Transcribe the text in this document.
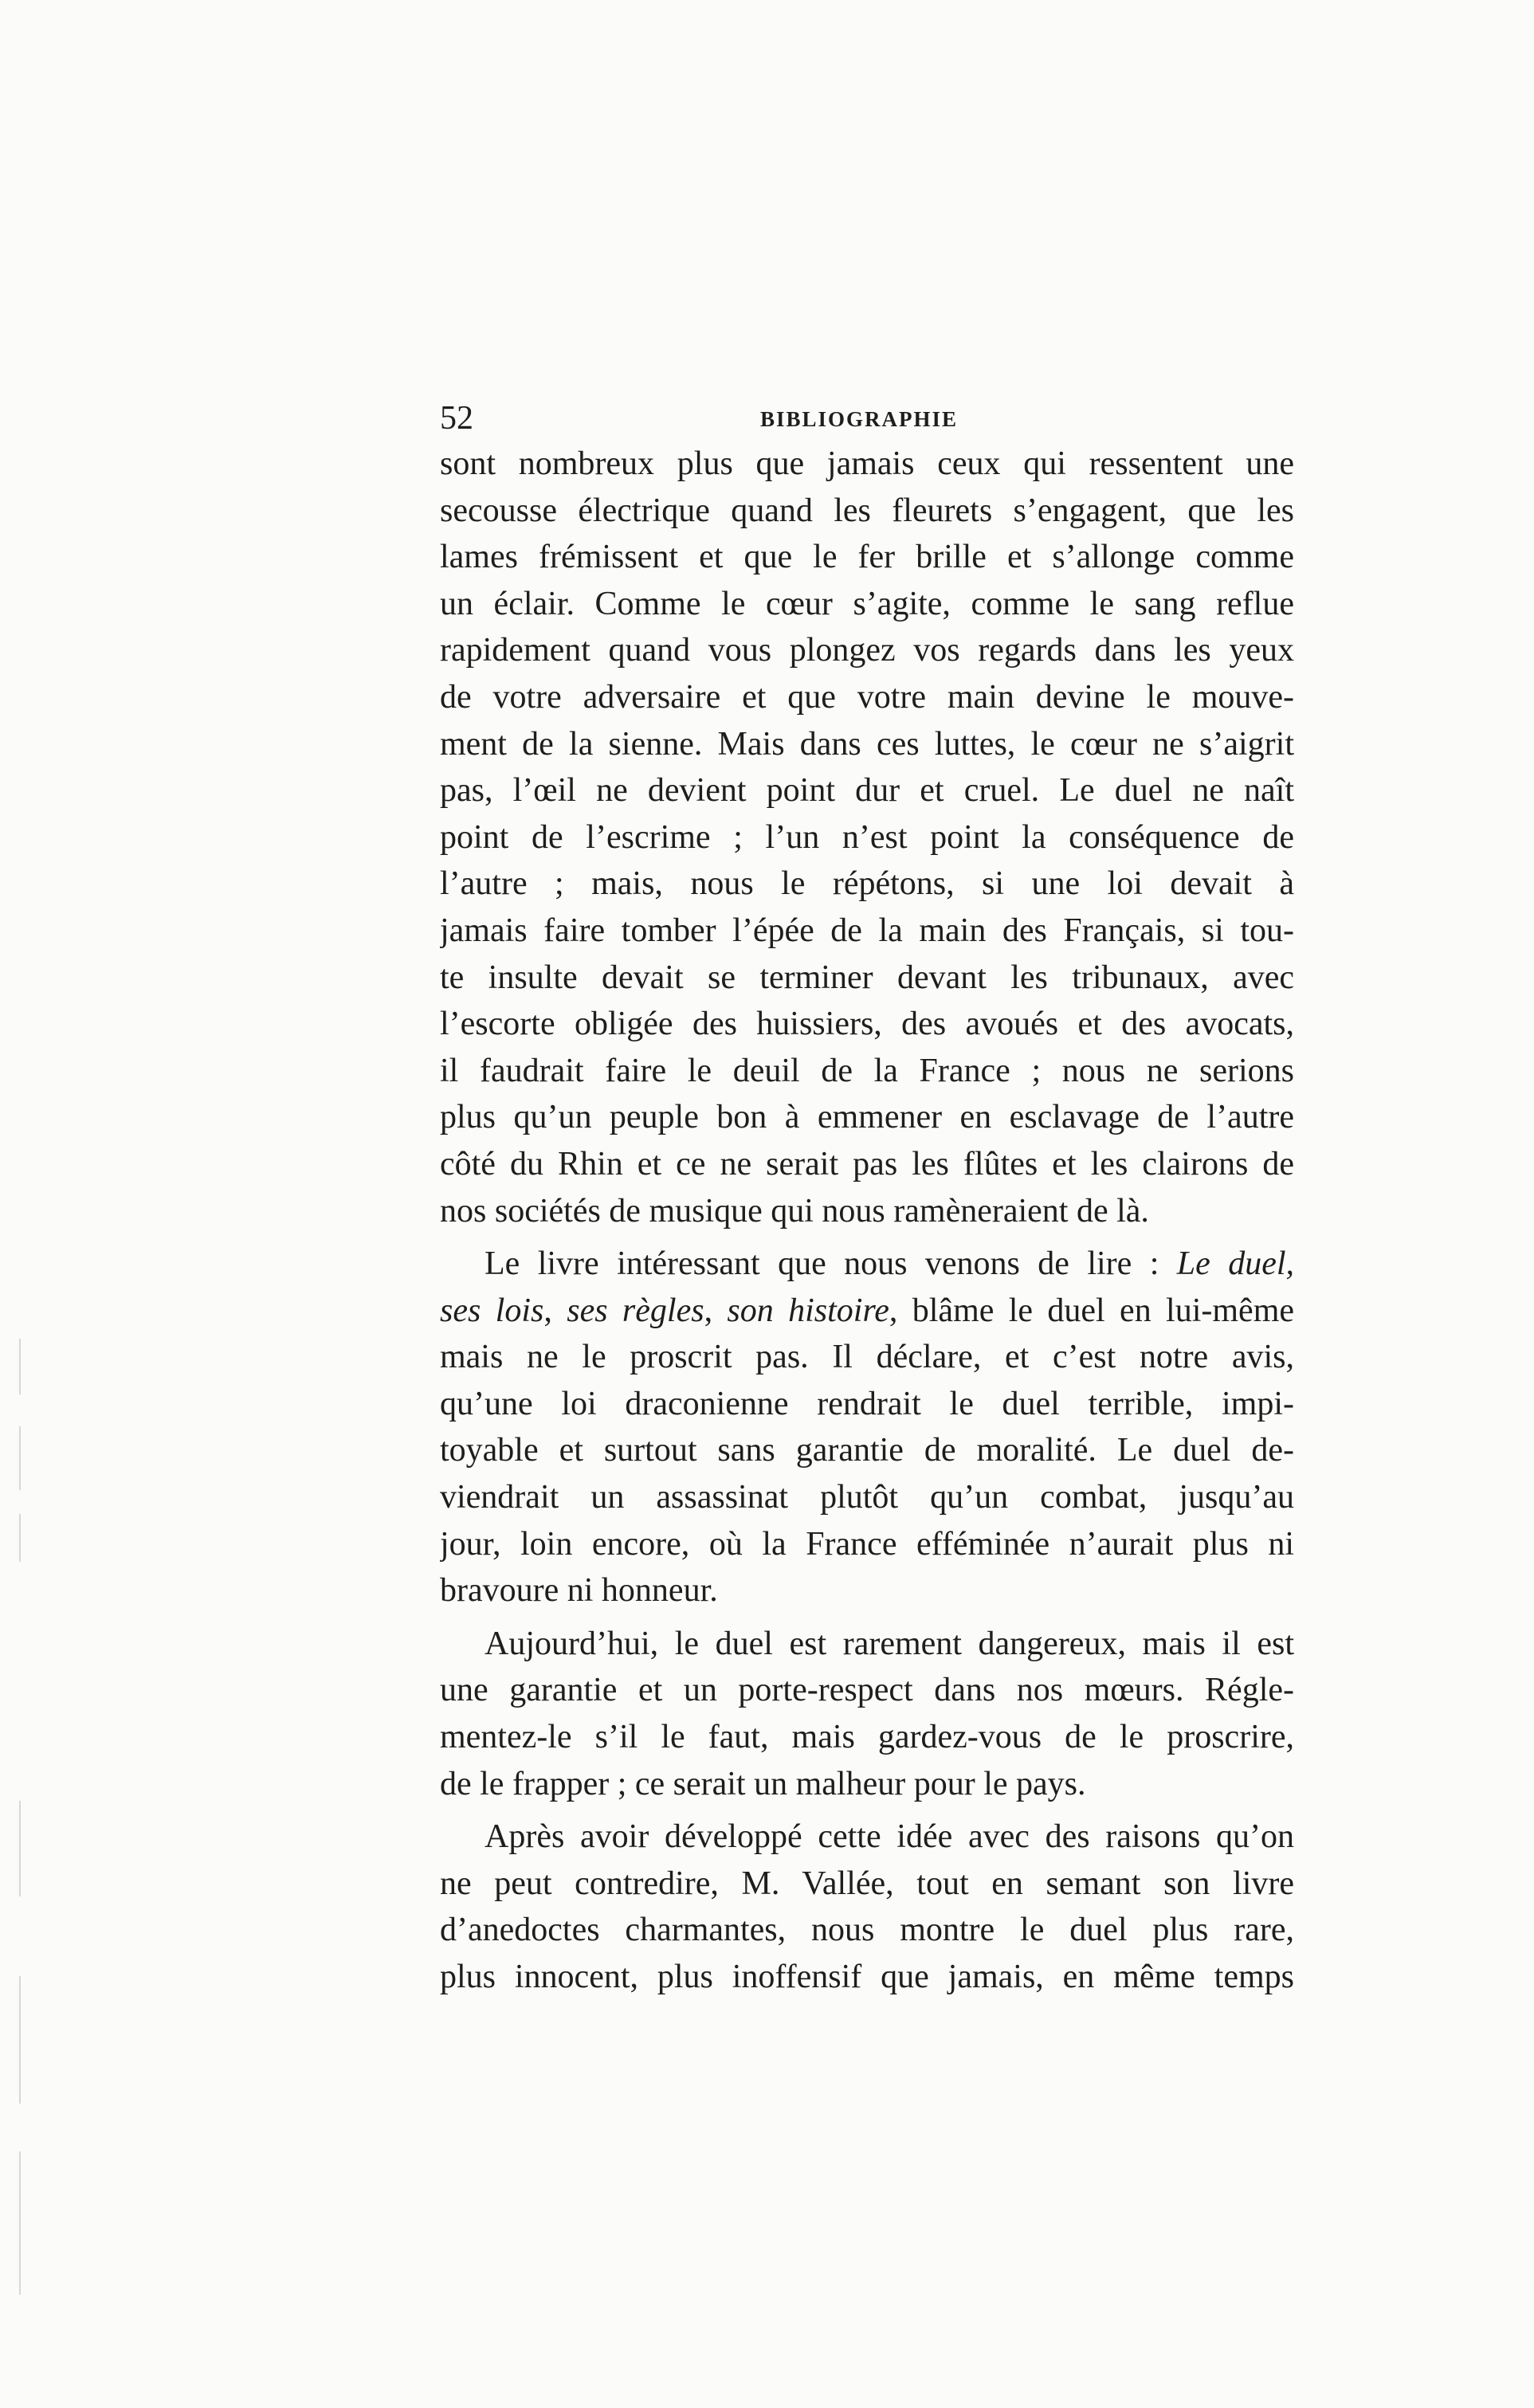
52	BIBLIOGRAPHIE
sont nombreux plus que jamais ceux qui ressentent une
secousse électrique quand les fleurets s’engagent, que les
lames frémissent et que le fer brille et s’allonge comme
un éclair. Comme le cœur s’agite, comme le sang reflue
rapidement quand vous plongez vos regards dans les yeux
de votre adversaire et que votre main devine le mouve-
ment de la sienne. Mais dans ces luttes, le cœur ne s’aigrit
pas, l’œil ne devient point dur et cruel. Le duel ne naît
point de l’escrime ; l’un n’est point la conséquence de
l’autre ; mais, nous le répétons, si une loi devait à
jamais faire tomber l’épée de la main des Français, si tou-
te insulte devait se terminer devant les tribunaux, avec
l’escorte obligée des huissiers, des avoués et des avocats,
il faudrait faire le deuil de la France ; nous ne serions
plus qu’un peuple bon à emmener en esclavage de l’autre
côté du Rhin et ce ne serait pas les flûtes et les clairons de
nos sociétés de musique qui nous ramèneraient de là.
Le livre intéressant que nous venons de lire : Le duel,
ses lois, ses règles, son histoire, blâme le duel en lui-même
mais ne le proscrit pas. Il déclare, et c’est notre avis,
qu’une loi draconienne rendrait le duel terrible, impi-
toyable et surtout sans garantie de moralité. Le duel de-
viendrait un assassinat plutôt qu’un combat, jusqu’au
jour, loin encore, où la France efféminée n’aurait plus ni
bravoure ni honneur.
Aujourd’hui, le duel est rarement dangereux, mais il est
une garantie et un porte-respect dans nos mœurs. Régle-
mentez-le s’il le faut, mais gardez-vous de le proscrire,
de le frapper ; ce serait un malheur pour le pays.
Après avoir développé cette idée avec des raisons qu’on
ne peut contredire, M. Vallée, tout en semant son livre
d’anedoctes charmantes, nous montre le duel plus rare,
plus innocent, plus inoffensif que jamais, en même temps
